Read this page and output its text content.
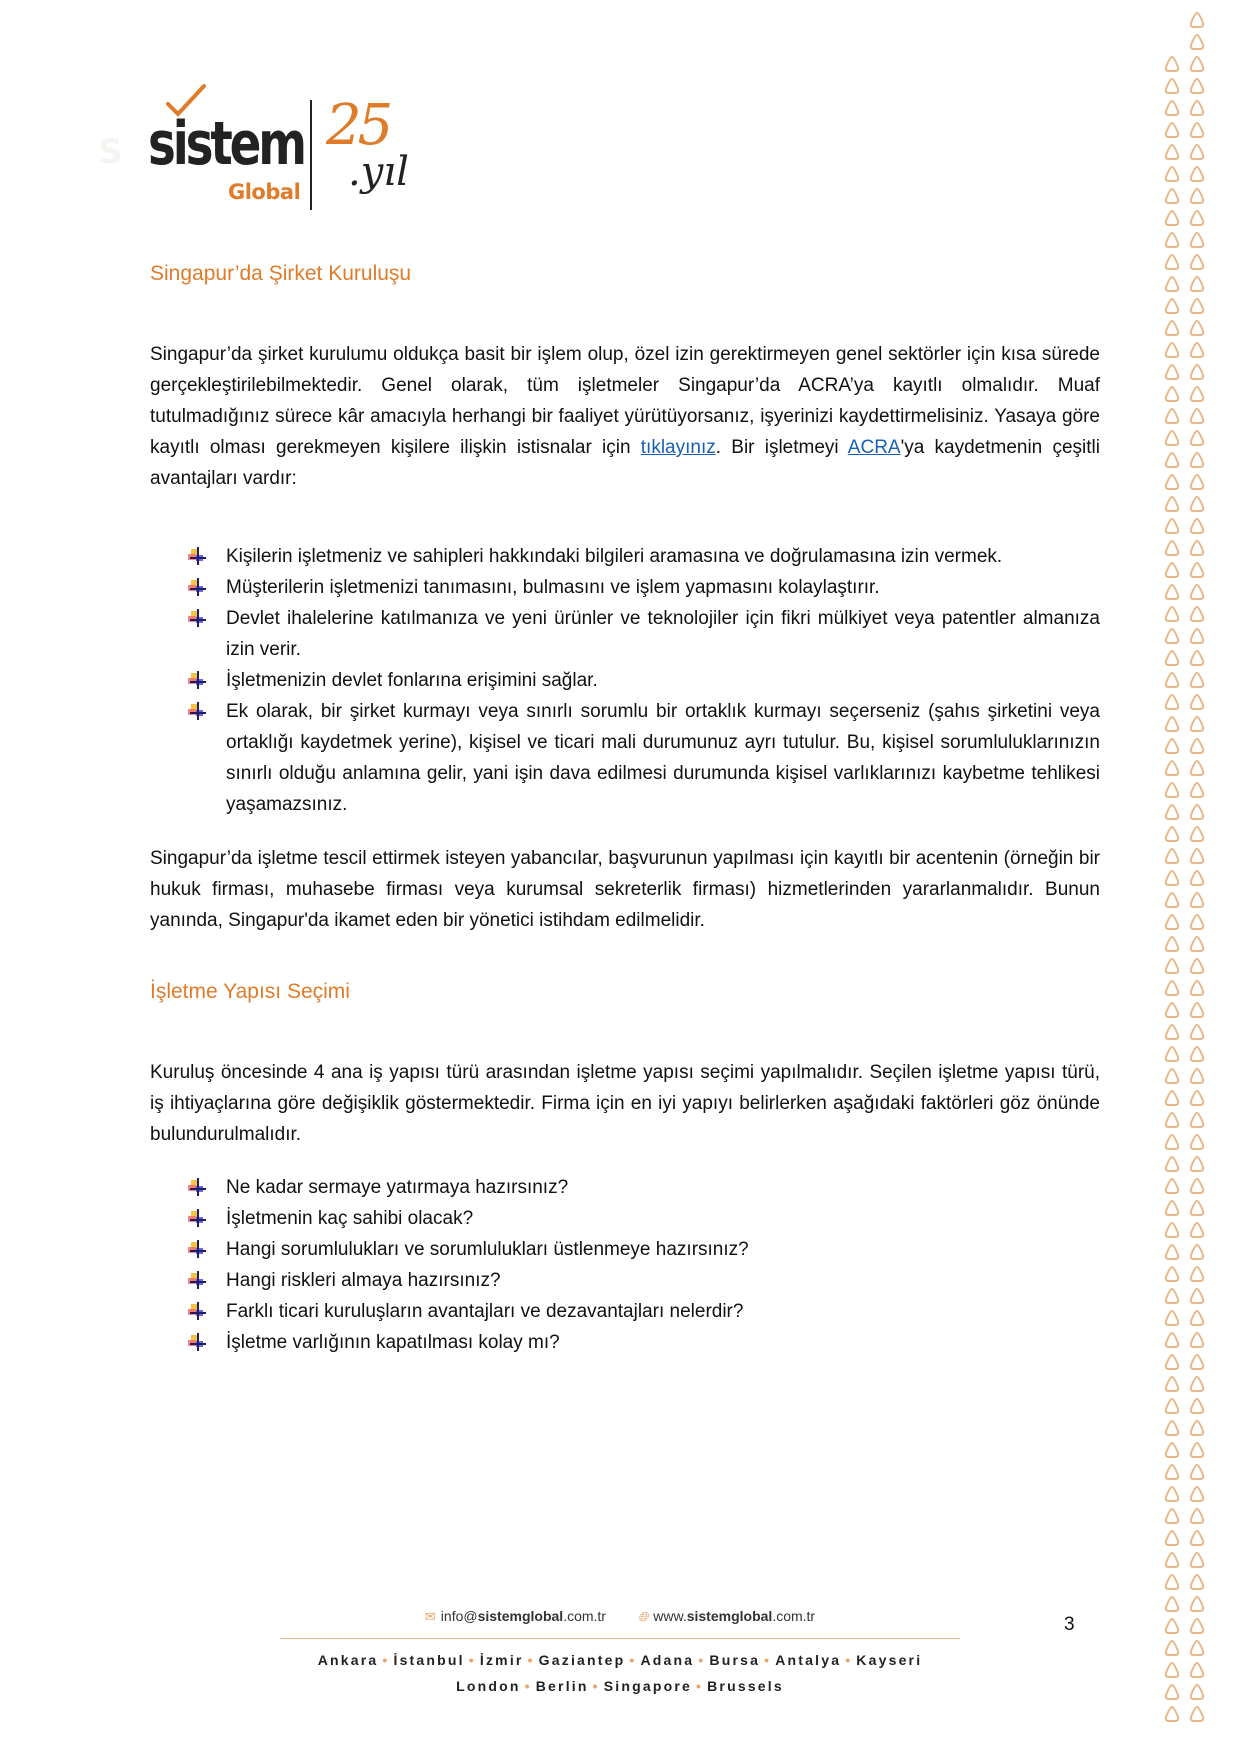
S sistem
Global
25
.yıl
Singapur’da Şirket Kuruluşu
Singapur’da şirket kurulumu oldukça basit bir işlem olup, özel izin gerektirmeyen genel sektörler için kısa sürede gerçekleştirilebilmektedir. Genel olarak, tüm işletmeler Singapur’da ACRA’ya kayıtlı olmalıdır. Muaf tutulmadığınız sürece kâr amacıyla herhangi bir faaliyet yürütüyorsanız, işyerinizi kaydettirmelisiniz. Yasaya göre kayıtlı olması gerekmeyen kişilere ilişkin istisnalar için tıklayınız. Bir işletmeyi ACRA'ya kaydetmenin çeşitli avantajları vardır:
Kişilerin işletmeniz ve sahipleri hakkındaki bilgileri aramasına ve doğrulamasına izin vermek.
Müşterilerin işletmenizi tanımasını, bulmasını ve işlem yapmasını kolaylaştırır.
Devlet ihalelerine katılmanıza ve yeni ürünler ve teknolojiler için fikri mülkiyet veya patentler almanıza izin verir.
İşletmenizin devlet fonlarına erişimini sağlar.
Ek olarak, bir şirket kurmayı veya sınırlı sorumlu bir ortaklık kurmayı seçerseniz (şahıs şirketini veya ortaklığı kaydetmek yerine), kişisel ve ticari mali durumunuz ayrı tutulur. Bu, kişisel sorumluluklarınızın sınırlı olduğu anlamına gelir, yani işin dava edilmesi durumunda kişisel varlıklarınızı kaybetme tehlikesi yaşamazsınız.
Singapur’da işletme tescil ettirmek isteyen yabancılar, başvurunun yapılması için kayıtlı bir acentenin (örneğin bir hukuk firması, muhasebe firması veya kurumsal sekreterlik firması) hizmetlerinden yararlanmalıdır. Bunun yanında, Singapur'da ikamet eden bir yönetici istihdam edilmelidir.
İşletme Yapısı Seçimi
Kuruluş öncesinde 4 ana iş yapısı türü arasından işletme yapısı seçimi yapılmalıdır. Seçilen işletme yapısı türü, iş ihtiyaçlarına göre değişiklik göstermektedir. Firma için en iyi yapıyı belirlerken aşağıdaki faktörleri göz önünde bulundurulmalıdır.
Ne kadar sermaye yatırmaya hazırsınız?
İşletmenin kaç sahibi olacak?
Hangi sorumlulukları ve sorumlulukları üstlenmeye hazırsınız?
Hangi riskleri almaya hazırsınız?
Farklı ticari kuruluşların avantajları ve dezavantajları nelerdir?
İşletme varlığının kapatılması kolay mı?
✉ info@sistemglobal.com.tr 🌐︎ www.sistemglobal.com.tr
Ankara • İstanbul • İzmir • Gaziantep • Adana • Bursa • Antalya • Kayseri
London • Berlin • Singapore • Brussels
3
